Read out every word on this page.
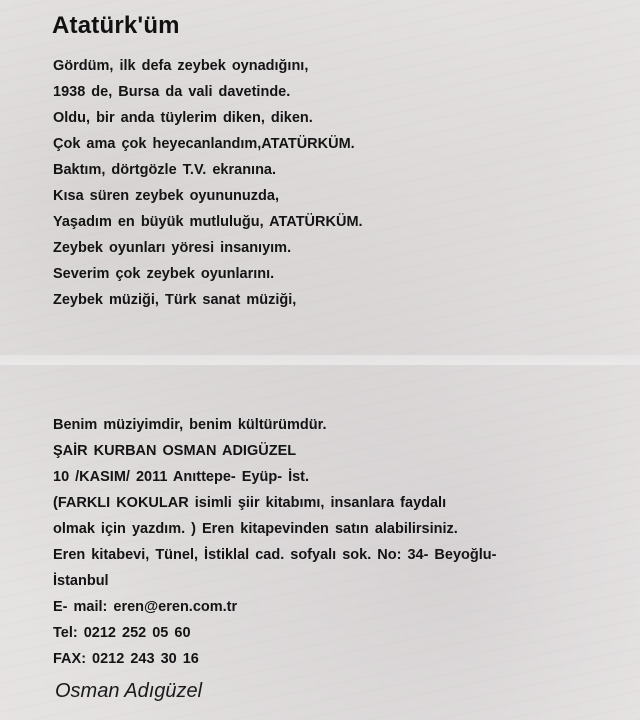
Atatürk'üm
Gördüm, ilk defa zeybek oynadığını,
1938 de, Bursa da vali davetinde.
Oldu, bir anda tüylerim diken, diken.
Çok ama çok heyecanlandım,ATATÜRKÜM.
Baktım, dörtgözle T.V. ekranına.
Kısa süren zeybek oyununuzda,
Yaşadım en büyük mutluluğu, ATATÜRKÜM.
Zeybek oyunları yöresi insanıyım.
Severim çok zeybek oyunlarını.
Zeybek müziği, Türk sanat müziği,
Benim müziyimdir, benim kültürümdür.
ŞAİR KURBAN OSMAN ADIGÜZEL
10 /KASIM/ 2011 Anıttepe- Eyüp- İst.
(FARKLI KOKULAR isimli şiir kitabımı, insanlara faydalı
olmak için yazdım. ) Eren kitapevinden satın alabilirsiniz.
Eren kitabevi, Tünel, İstiklal cad. sofyalı sok. No: 34- Beyoğlu-
İstanbul
E- mail: eren@eren.com.tr
Tel: 0212 252 05 60
FAX: 0212 243 30 16

Osman Adıgüzel
